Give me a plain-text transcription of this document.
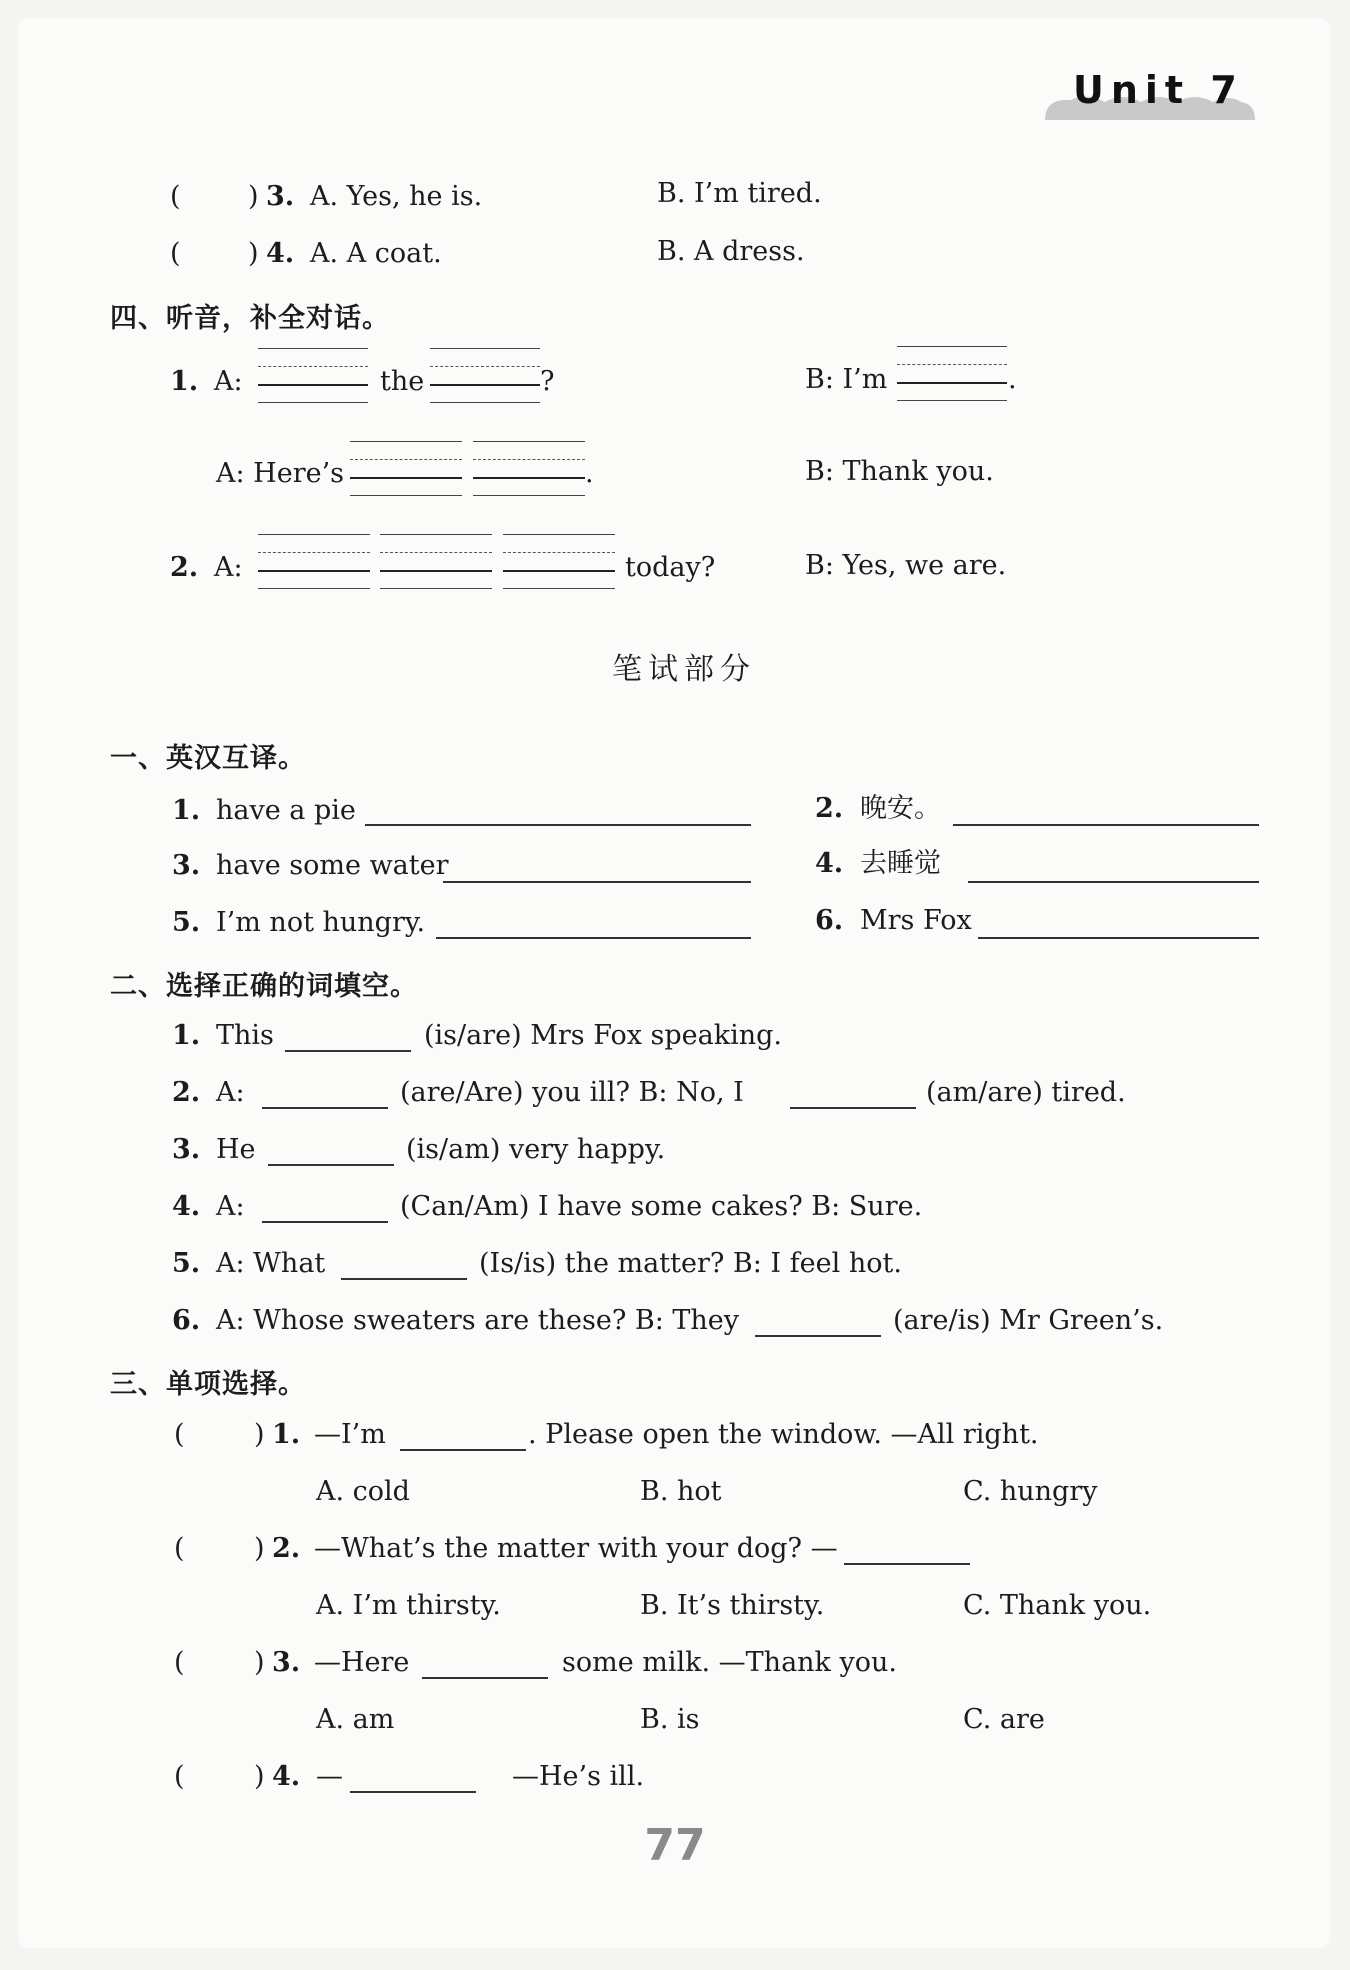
Unit 7
( ) 3. A. Yes, he is.	B. I’m tired.
( ) 4. A. A coat.	B. A dress.
四、听音，补全对话。
1. A:	the	?	B: I’m	.
A: Here’s	.	B: Thank you.
2. A:	today?	B: Yes, we are.
笔试部分
一、英汉互译。
1. have a pie	2. 晚安。
3. have some water	4. 去睡觉
5. I’m not hungry.	6. Mrs Fox
二、选择正确的词填空。
1. This	(is/are) Mrs Fox speaking.
2. A:	(are/Are) you ill? B: No, I	(am/are) tired.
3. He	(is/am) very happy.
4. A:	(Can/Am) I have some cakes? B: Sure.
5. A: What	(Is/is) the matter? B: I feel hot.
6. A: Whose sweaters are these? B: They	(are/is) Mr Green’s.
三、单项选择。
(	) 1. —I’m	. Please open the window. —All right.
A. cold	B. hot	C. hungry
(	) 2. —What’s the matter with your dog? —
A. I’m thirsty.	B. It’s thirsty.	C. Thank you.
(	) 3. —Here	some milk. —Thank you.
A. am	B. is	C. are
(	) 4. —	—He’s ill.
77
